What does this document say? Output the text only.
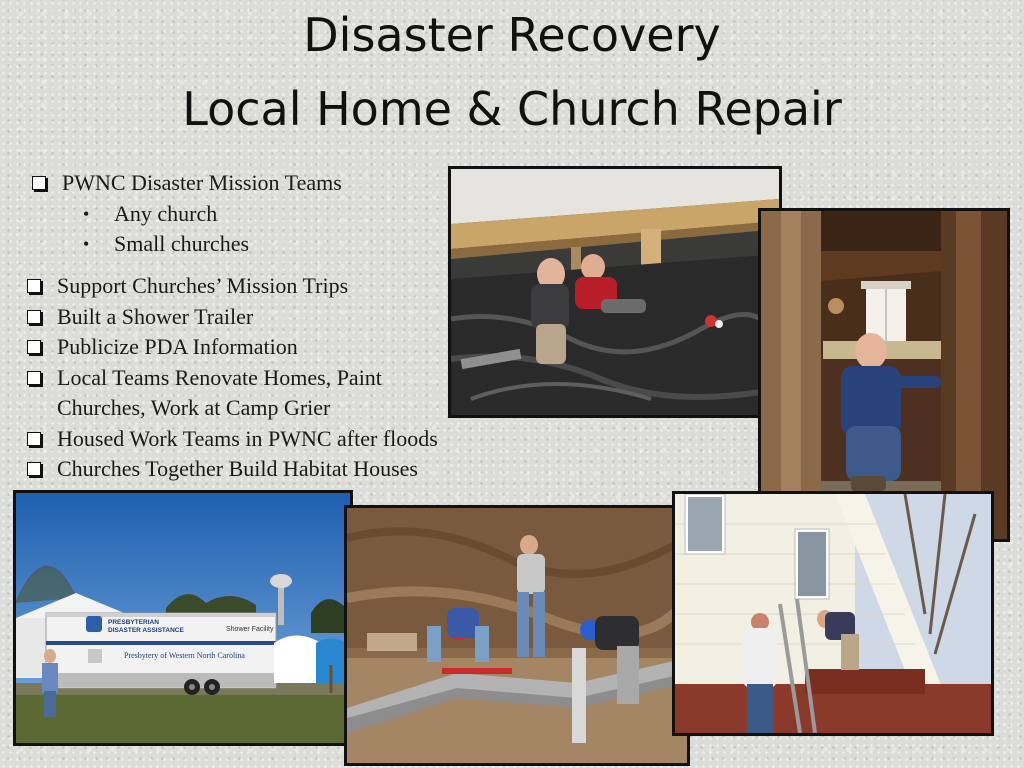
Disaster Recovery
Local Home & Church Repair
PWNC Disaster Mission Teams
• Any church
• Small churches
Support Churches’ Mission Trips
Built a Shower Trailer
Publicize PDA Information
Local Teams Renovate Homes, Paint
Churches, Work at Camp Grier
Housed Work Teams in PWNC after floods
Churches Together Build Habitat Houses
PRESBYTERIAN
DISASTER ASSISTANCE	Shower Facility
Presbytery of Western North Carolina
